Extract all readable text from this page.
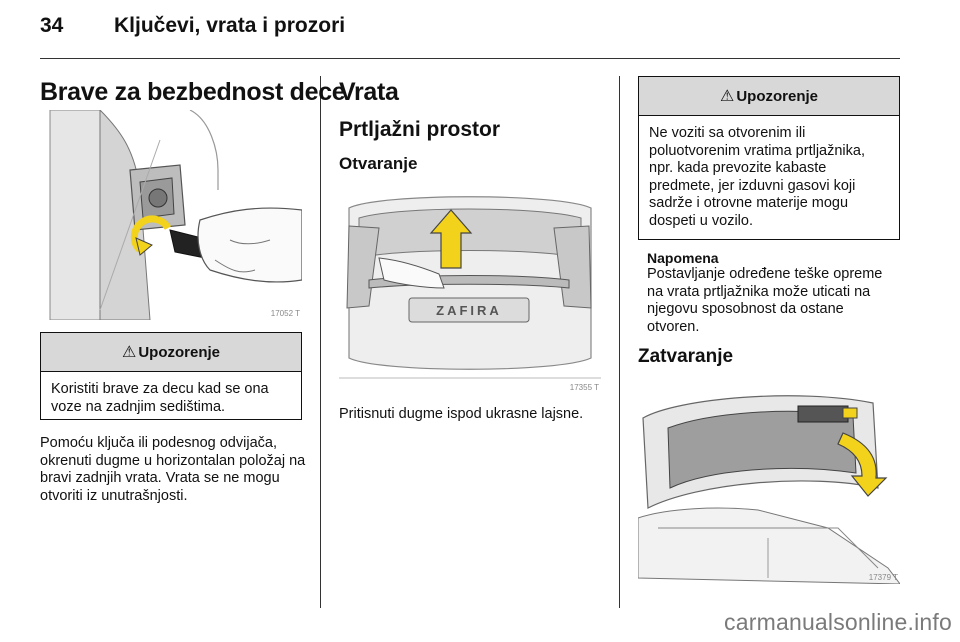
34 Ključevi, vrata i prozori
Brave za bezbednost dece
17052 T
⚠ Upozorenje
Koristiti brave za decu kad se ona voze na zadnjim sedištima.
Pomoću ključa ili podesnog odvijača, okrenuti dugme u horizontalan položaj na bravi zadnjih vrata. Vrata se ne mogu otvoriti iz unutrašnjosti.
Vrata
Prtljažni prostor
Otvaranje
ZAFIRA
17355 T
Pritisnuti dugme ispod ukrasne lajsne.
⚠ Upozorenje
Ne voziti sa otvorenim ili poluotvorenim vratima prtljažnika, npr. kada prevozite kabaste predmete, jer izduvni gasovi koji sadrže i otrovne materije mogu dospeti u vozilo.
Napomena
Postavljanje određene teške opreme na vrata prtljažnika može uticati na njegovu sposobnost da ostane otvoren.
Zatvaranje
17379 T
carmanualsonline.info
